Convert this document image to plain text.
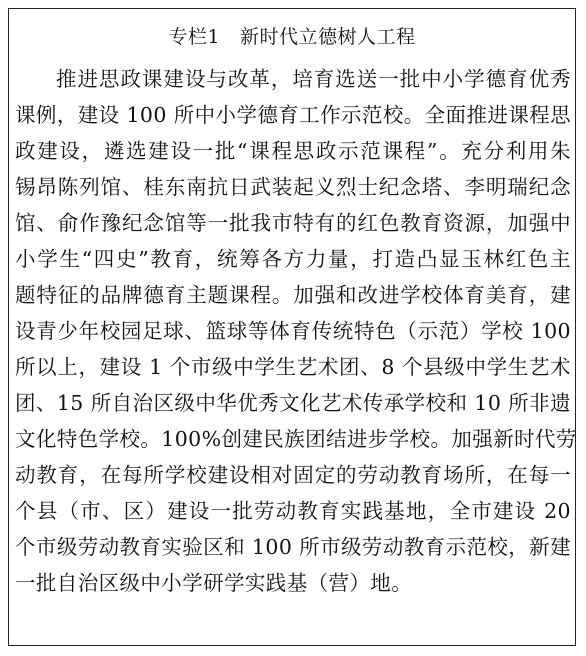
专栏1 新时代立德树人工程
推进思政课建设与改革，培育选送一批中小学德育优秀
课例，建设 100 所中小学德育工作示范校。全面推进课程思
政建设，遴选建设一批“课程思政示范课程”。充分利用朱
锡昂陈列馆、桂东南抗日武装起义烈士纪念塔、李明瑞纪念
馆、俞作豫纪念馆等一批我市特有的红色教育资源，加强中
小学生“四史”教育，统筹各方力量，打造凸显玉林红色主
题特征的品牌德育主题课程。加强和改进学校体育美育，建
设青少年校园足球、篮球等体育传统特色（示范）学校 100
所以上，建设 1 个市级中学生艺术团、8 个县级中学生艺术
团、15 所自治区级中华优秀文化艺术传承学校和 10 所非遗
文化特色学校。100%创建民族团结进步学校。加强新时代劳
动教育，在每所学校建设相对固定的劳动教育场所，在每一
个县（市、区）建设一批劳动教育实践基地，全市建设 20
个市级劳动教育实验区和 100 所市级劳动教育示范校，新建
一批自治区级中小学研学实践基（营）地。
